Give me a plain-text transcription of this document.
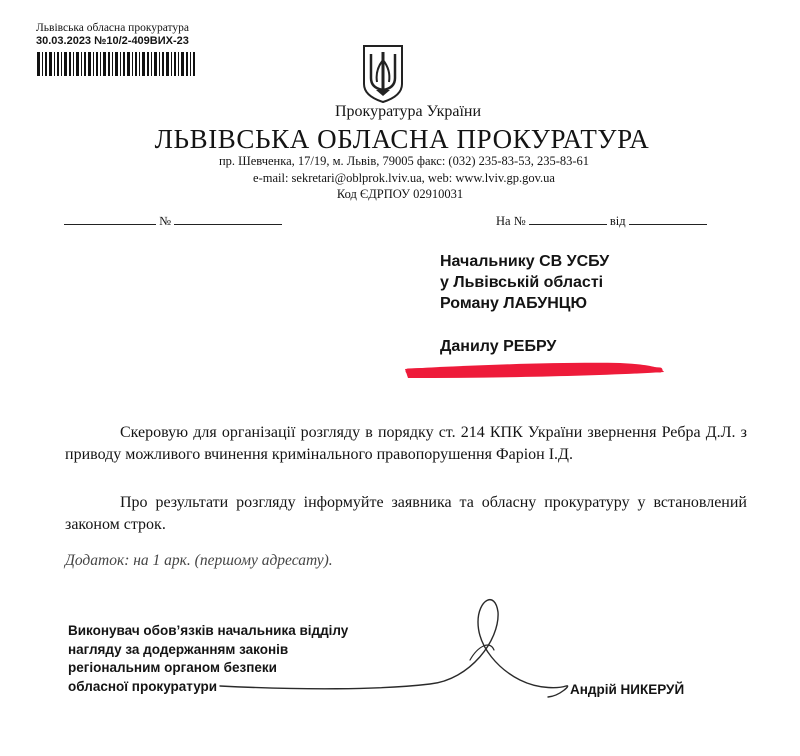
Львівська обласна прокуратура
30.03.2023 №10/2-409ВИХ-23
Прокуратура України
ЛЬВІВСЬКА ОБЛАСНА ПРОКУРАТУРА
пр. Шевченка, 17/19, м. Львів, 79005 факс: (032) 235-83-53, 235-83-61
e-mail: sekretari@oblprok.lviv.ua, web: www.lviv.gp.gov.ua
Код ЄДРПОУ 02910031
№	На №	від
Начальнику СВ УСБУ
у Львівській області
Роману ЛАБУНЦЮ
Данилу РЕБРУ
Скеровую для організації розгляду в порядку ст. 214 КПК України звернення Ребра Д.Л. з приводу можливого вчинення кримінального правопорушення Фаріон І.Д.
Про результати розгляду інформуйте заявника та обласну прокуратуру у встановлений законом строк.
Додаток: на 1 арк. (першому адресату).
Виконувач обов’язків начальника відділу
нагляду за додержанням законів
регіональним органом безпеки
обласної прокуратури	Андрій НИКЕРУЙ
